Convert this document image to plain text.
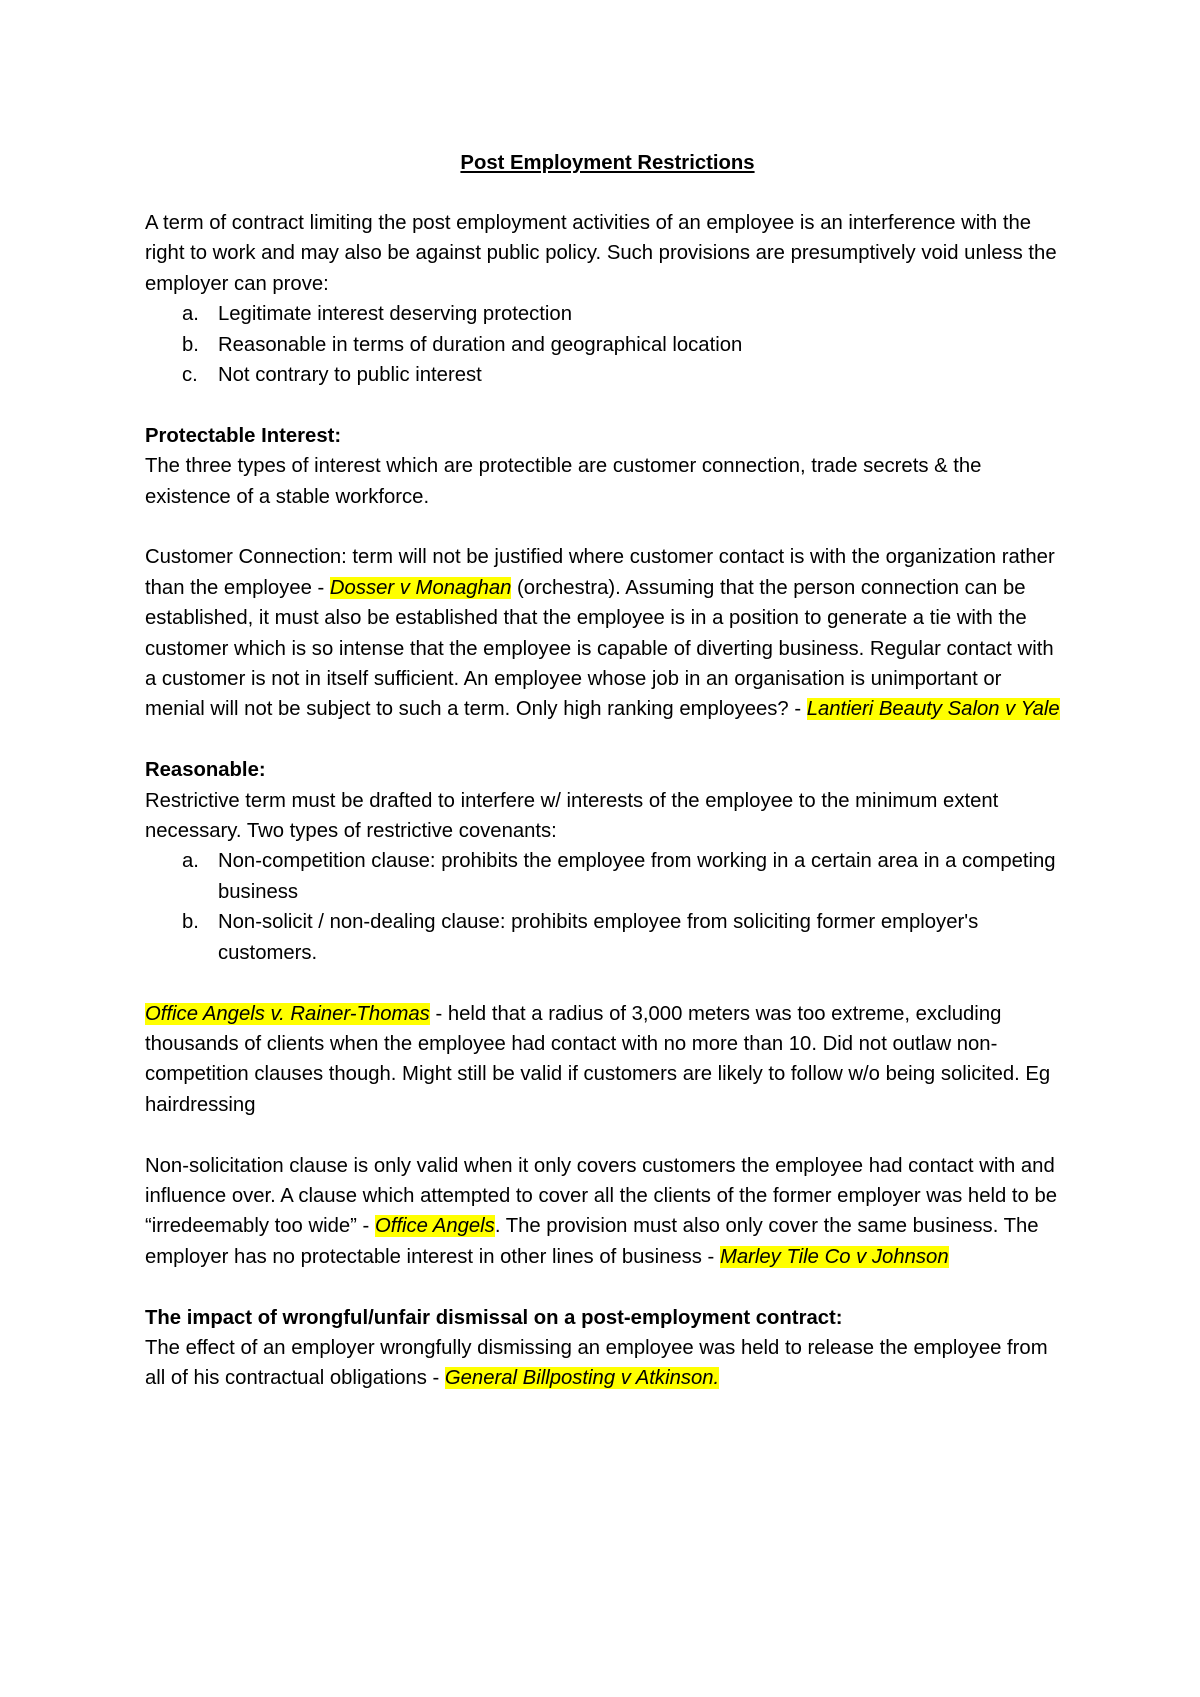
Post Employment Restrictions

A term of contract limiting the post employment activities of an employee is an interference with the right to work and may also be against public policy. Such provisions are presumptively void unless the employer can prove:

a. Legitimate interest deserving protection
b. Reasonable in terms of duration and geographical location
c. Not contrary to public interest

Protectable Interest:

The three types of interest which are protectible are customer connection, trade secrets & the existence of a stable workforce.

Customer Connection: term will not be justified where customer contact is with the organization rather than the employee - Dosser v Monaghan (orchestra). Assuming that the person connection can be established, it must also be established that the employee is in a position to generate a tie with the customer which is so intense that the employee is capable of diverting business. Regular contact with a customer is not in itself sufficient. An employee whose job in an organisation is unimportant or menial will not be subject to such a term. Only high ranking employees? - Lantieri Beauty Salon v Yale

Reasonable:

Restrictive term must be drafted to interfere w/ interests of the employee to the minimum extent necessary. Two types of restrictive covenants:

a. Non-competition clause: prohibits the employee from working in a certain area in a competing business
b. Non-solicit / non-dealing clause: prohibits employee from soliciting former employer's customers.

Office Angels v. Rainer-Thomas - held that a radius of 3,000 meters was too extreme, excluding thousands of clients when the employee had contact with no more than 10. Did not outlaw non-competition clauses though. Might still be valid if customers are likely to follow w/o being solicited. Eg hairdressing

Non-solicitation clause is only valid when it only covers customers the employee had contact with and influence over. A clause which attempted to cover all the clients of the former employer was held to be “irredeemably too wide” - Office Angels. The provision must also only cover the same business. The employer has no protectable interest in other lines of business - Marley Tile Co v Johnson

The impact of wrongful/unfair dismissal on a post-employment contract:

The effect of an employer wrongfully dismissing an employee was held to release the employee from all of his contractual obligations - General Billposting v Atkinson.
